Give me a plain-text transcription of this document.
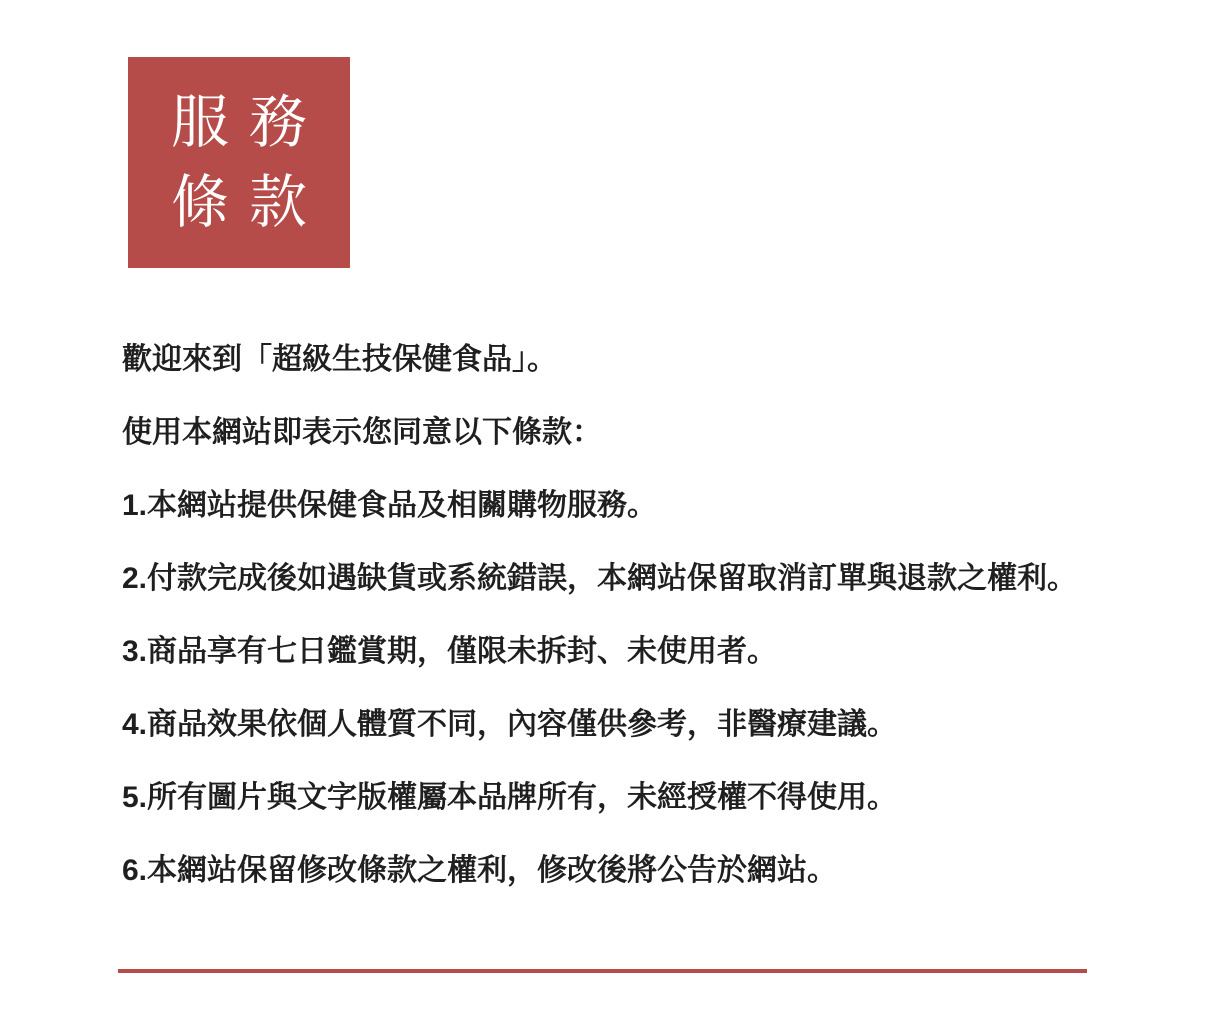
服務
條款

歡迎來到「超級生技保健食品」。

使用本網站即表示您同意以下條款：

1.本網站提供保健食品及相關購物服務。

2.付款完成後如遇缺貨或系統錯誤，本網站保留取消訂單與退款之權利。

3.商品享有七日鑑賞期，僅限未拆封、未使用者。

4.商品效果依個人體質不同，內容僅供參考，非醫療建議。

5.所有圖片與文字版權屬本品牌所有，未經授權不得使用。

6.本網站保留修改條款之權利，修改後將公告於網站。
